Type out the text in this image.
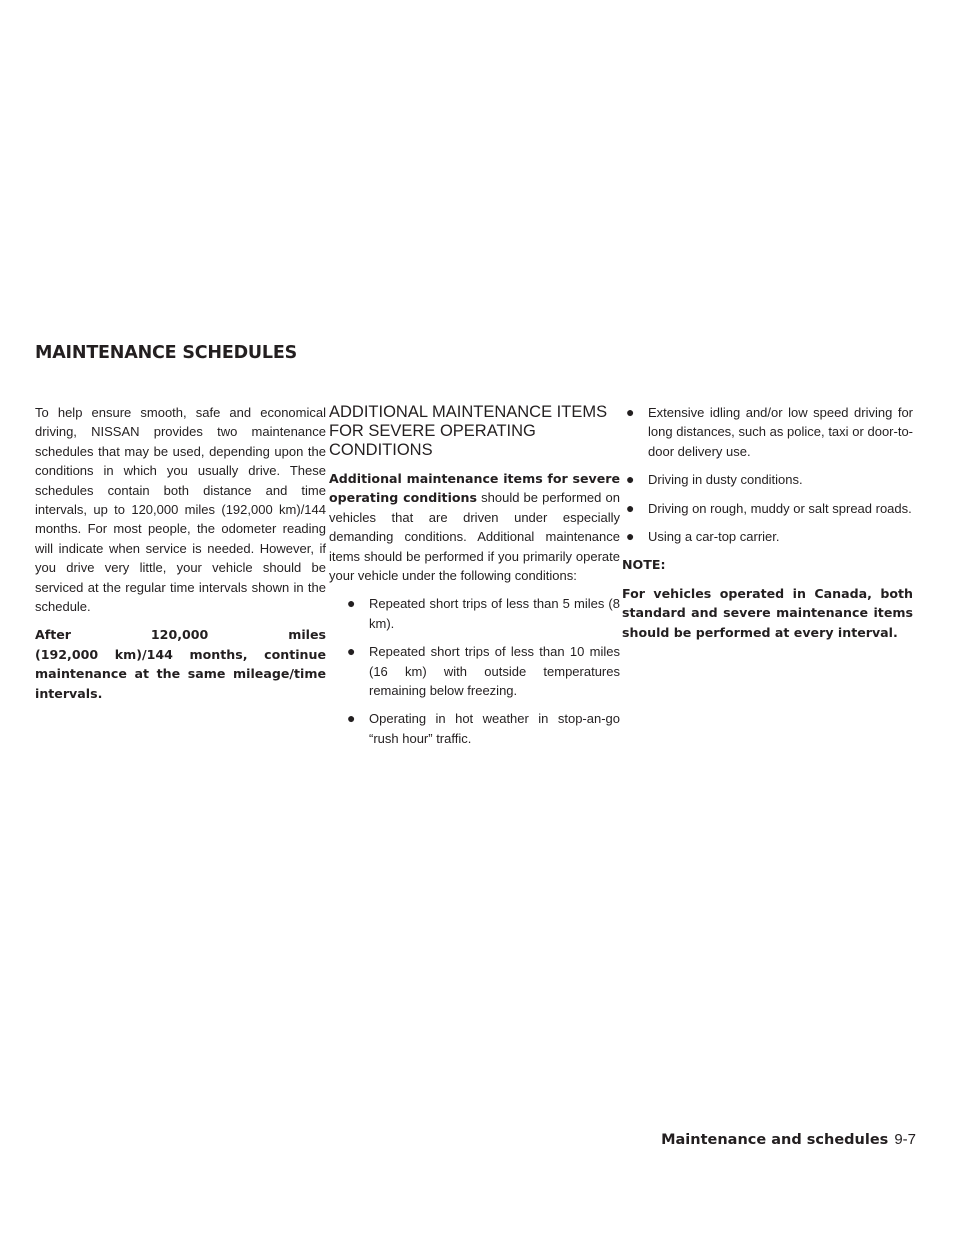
MAINTENANCE SCHEDULES

To help ensure smooth, safe and economical driving, NISSAN provides two maintenance schedules that may be used, depending upon the conditions in which you usually drive. These schedules contain both distance and time intervals, up to 120,000 miles (192,000 km)/144 months. For most people, the odometer reading will indicate when service is needed. However, if you drive very little, your vehicle should be serviced at the regular time intervals shown in the schedule.

After 120,000 miles

(192,000 km)/144 months, continue maintenance at the same mileage/time intervals.

ADDITIONAL MAINTENANCE ITEMS FOR SEVERE OPERATING CONDITIONS

Additional maintenance items for severe operating conditions should be performed on vehicles that are driven under especially demanding conditions. Additional maintenance items should be performed if you primarily operate your vehicle under the following conditions:

● Repeated short trips of less than 5 miles (8 km).
● Repeated short trips of less than 10 miles (16 km) with outside temperatures remaining below freezing.
● Operating in hot weather in stop-an-go “rush hour” traffic.
● Extensive idling and/or low speed driving for long distances, such as police, taxi or door-to-door delivery use.
● Driving in dusty conditions.
● Driving on rough, muddy or salt spread roads.
● Using a car-top carrier.
NOTE:

For vehicles operated in Canada, both standard and severe maintenance items should be performed at every interval.

Maintenance and schedules 9-7
